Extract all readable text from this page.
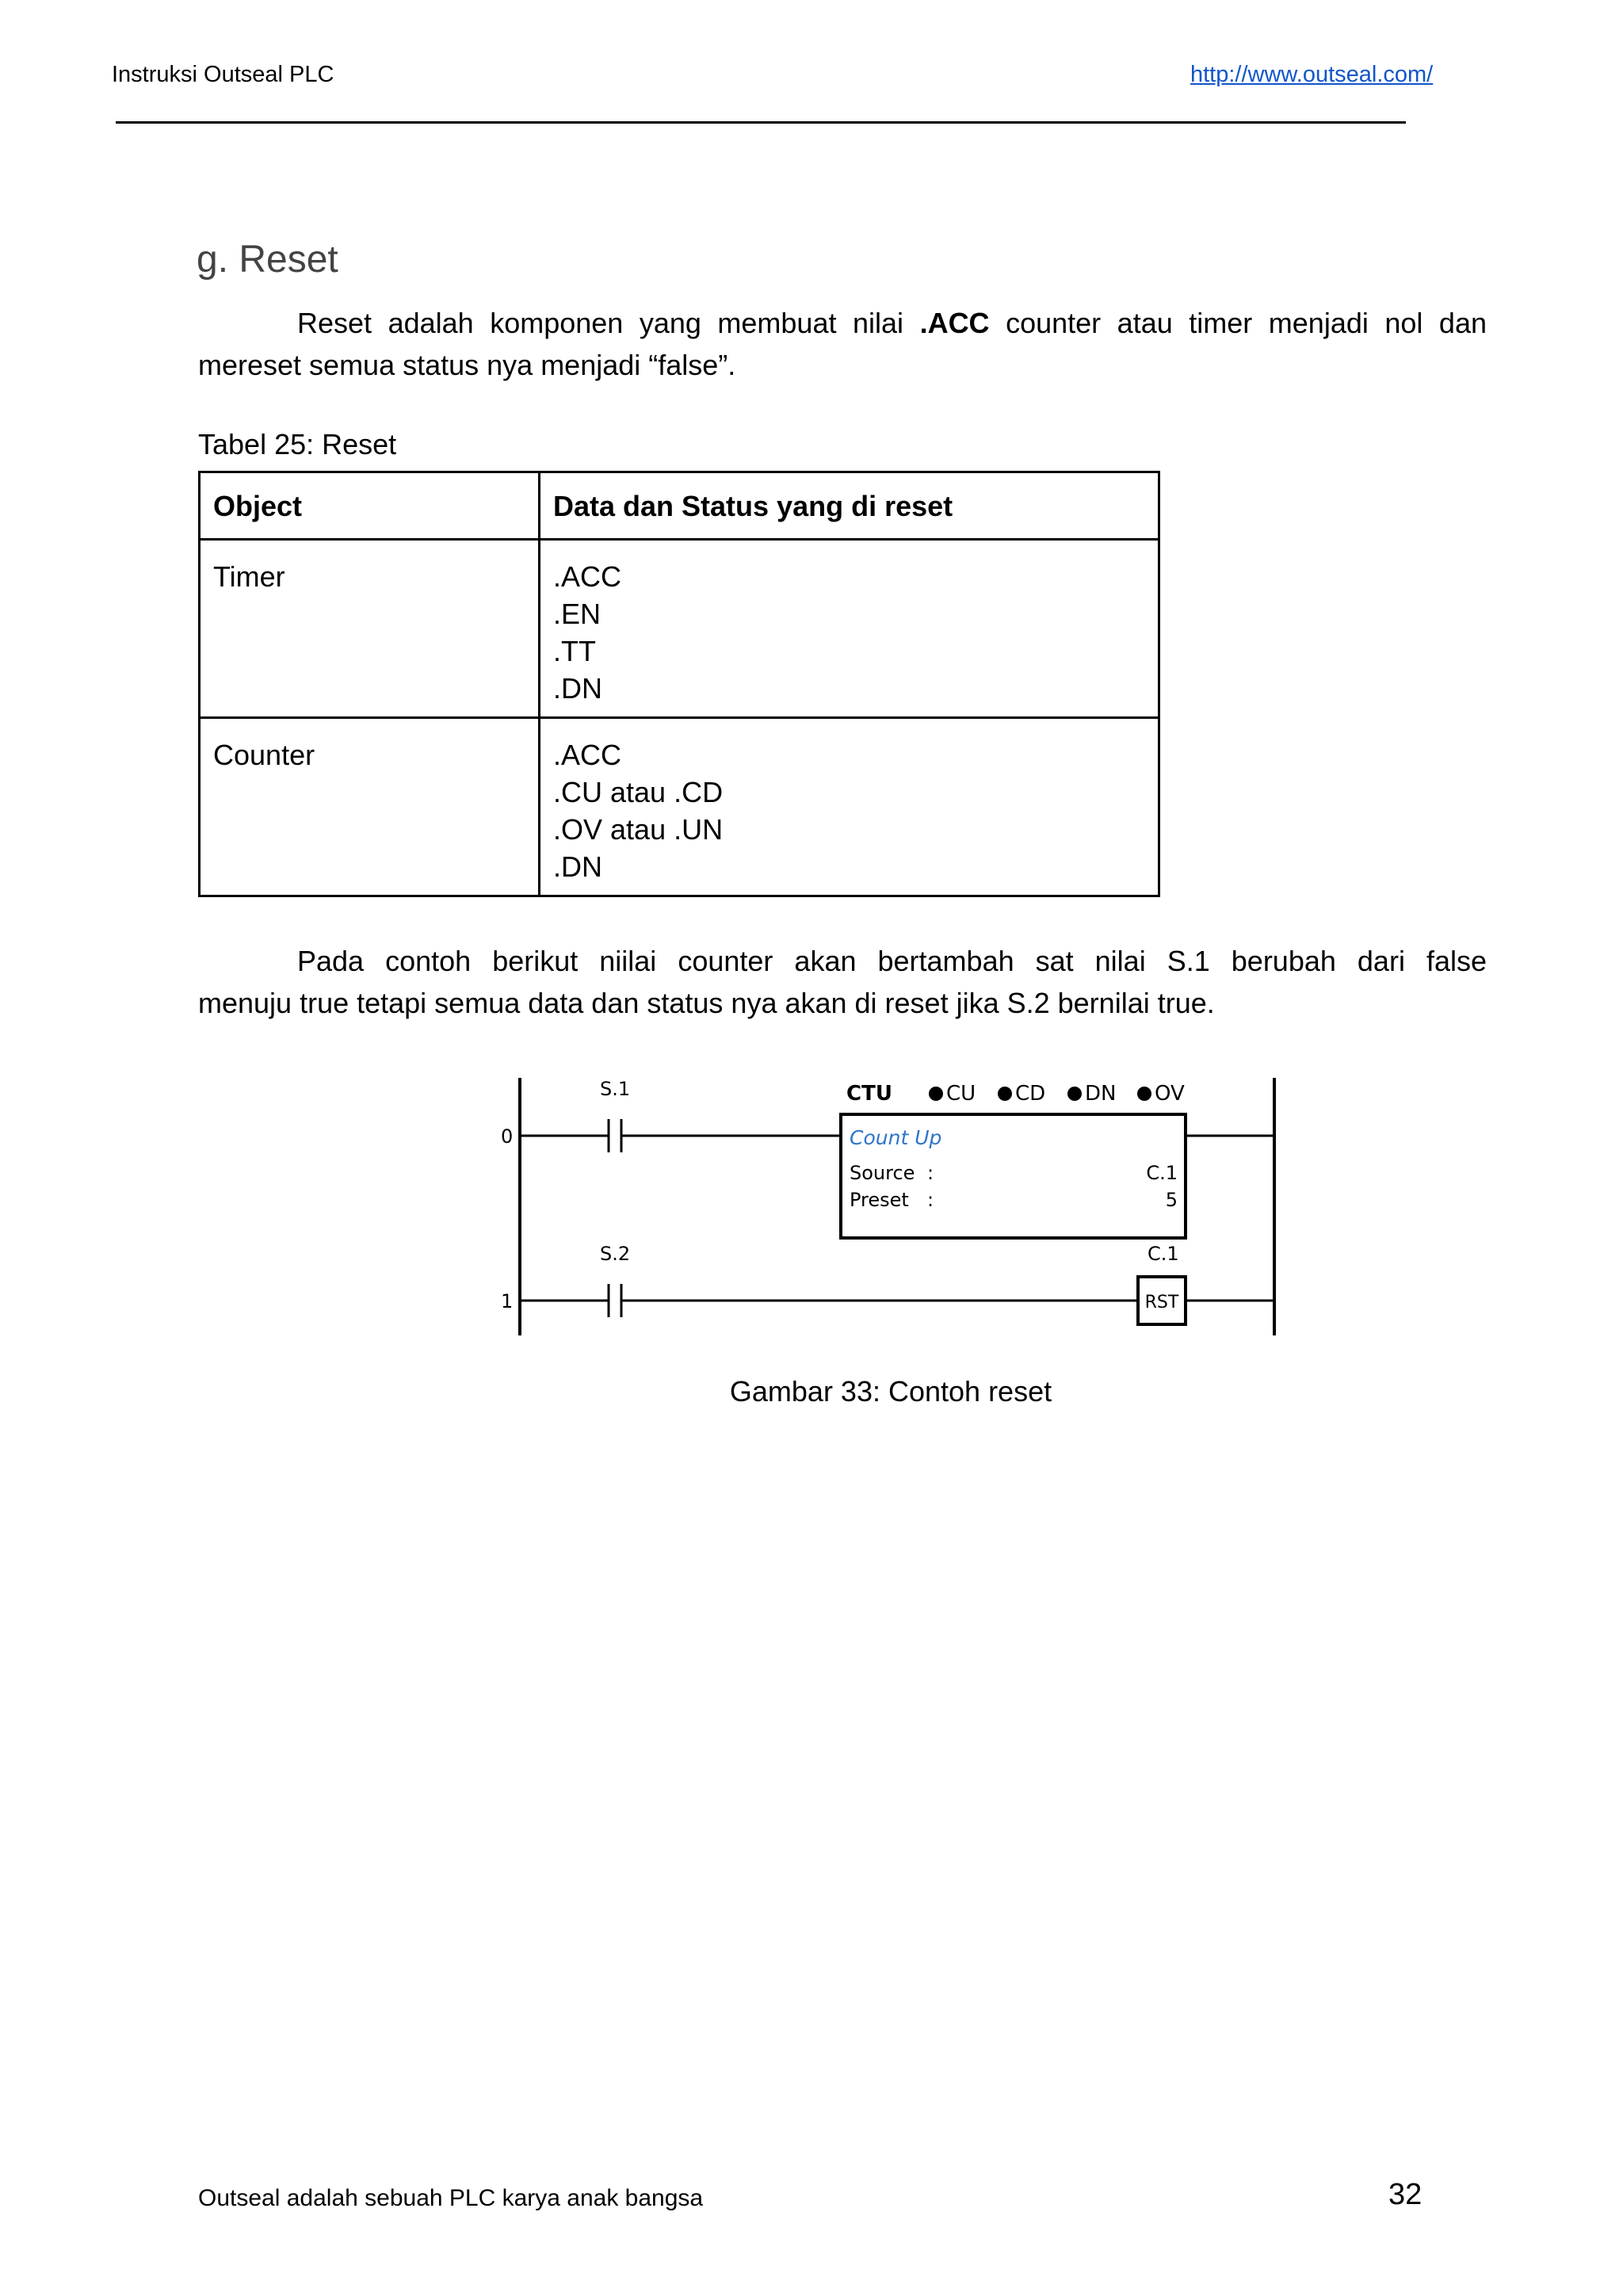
Instruksi Outseal PLC	http://www.outseal.com/
g. Reset
Reset adalah komponen yang membuat nilai .ACC counter atau timer menjadi nol dan
mereset semua status nya menjadi “false”.
Tabel 25: Reset
Object	Data dan Status yang di reset
Timer	.ACC
.EN
.TT
.DN

Counter	.ACC
.CU atau .CD
.OV atau .UN
.DN
Pada contoh berikut niilai counter akan bertambah sat nilai S.1 berubah dari false
menuju true tetapi semua data dan status nya akan di reset jika S.2 bernilai true.
0
S.1	CTU	CU CD DN OV
Count Up
Source :	C.1
Preset :	5
1
S.2	C.1
RST
Gambar 33: Contoh reset
Outseal adalah sebuah PLC karya anak bangsa	32
